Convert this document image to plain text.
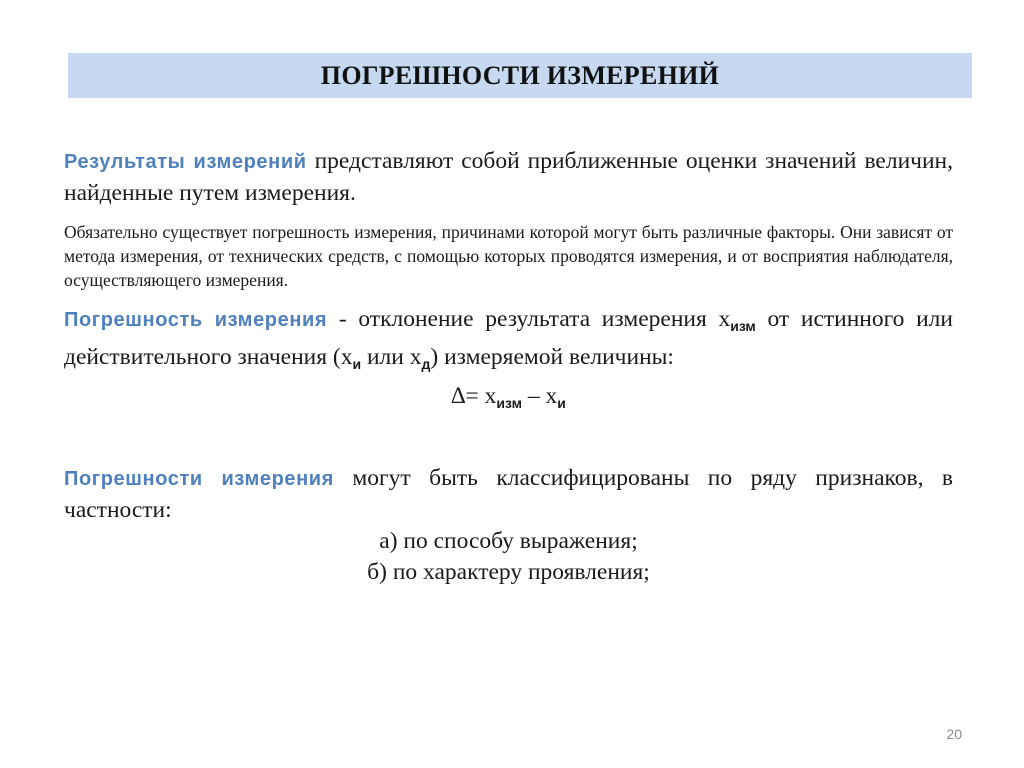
ПОГРЕШНОСТИ ИЗМЕРЕНИЙ

Результаты измерений представляют собой приближенные оценки значений величин, найденные путем измерения.

Обязательно существует погрешность измерения, причинами которой могут быть различные факторы. Они зависят от метода измерения, от технических средств, с помощью которых проводятся измерения, и от восприятия наблюдателя, осуществляющего измерения.

Погрешность измерения - отклонение результата измерения $х_{изм}$ от истинного или действительного значения ($х_и$ или $х_д$) измеряемой величины:

∆= $х_{изм} - х_и$

Погрешности измерения могут быть классифицированы по ряду признаков, в частности:

а) по способу выражения;

б) по характеру проявления;

20
